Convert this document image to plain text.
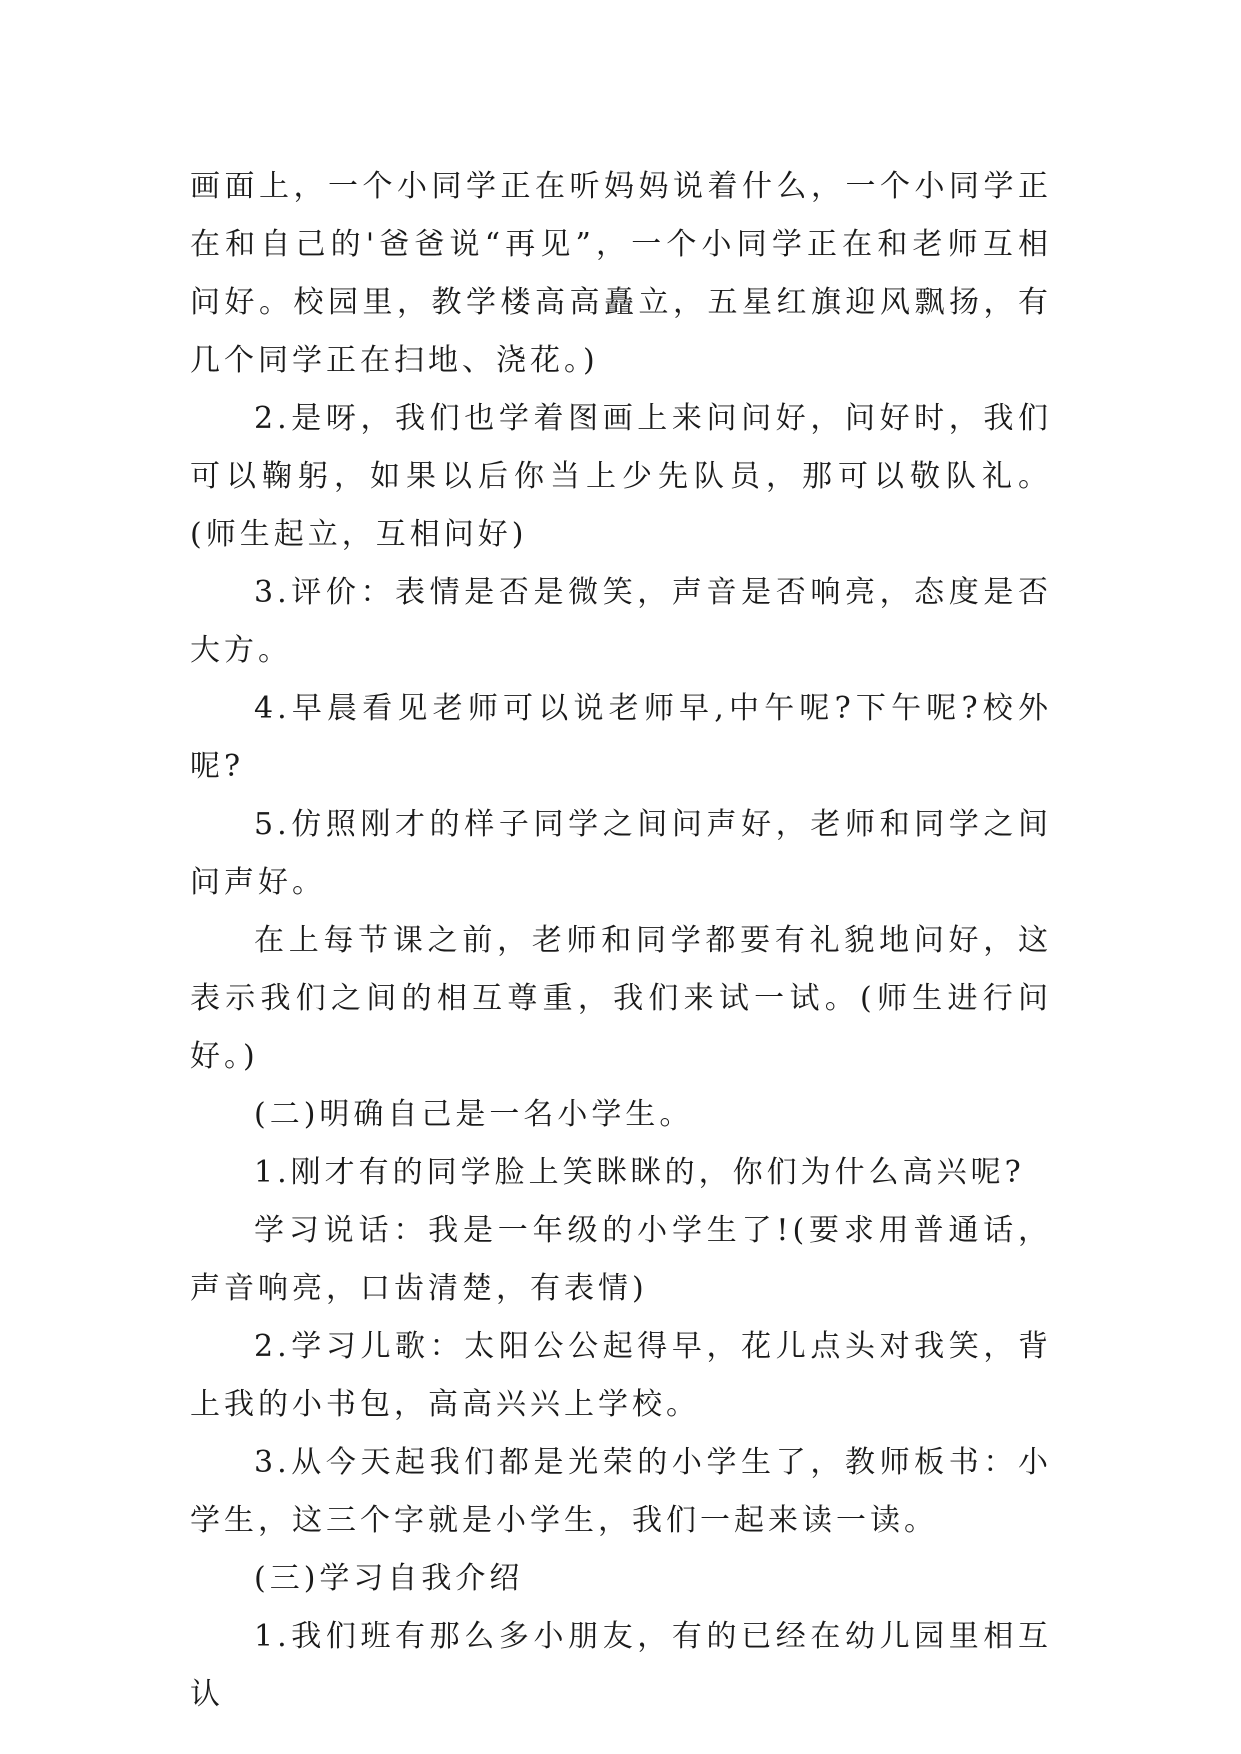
画面上，一个小同学正在听妈妈说着什么，一个小同学正在和自己的'爸爸说“再见”，一个小同学正在和老师互相问好。校园里，教学楼高高矗立，五星红旗迎风飘扬，有几个同学正在扫地、浇花。)

2.是呀，我们也学着图画上来问问好，问好时，我们可以鞠躬，如果以后你当上少先队员，那可以敬队礼。(师生起立，互相问好)

3.评价：表情是否是微笑，声音是否响亮，态度是否大方。

4.早晨看见老师可以说老师早,中午呢?下午呢?校外呢?

5.仿照刚才的样子同学之间问声好，老师和同学之间问声好。

在上每节课之前，老师和同学都要有礼貌地问好，这表示我们之间的相互尊重，我们来试一试。(师生进行问好。)

(二)明确自己是一名小学生。

1.刚才有的同学脸上笑眯眯的，你们为什么高兴呢?

学习说话：我是一年级的小学生了!(要求用普通话，声音响亮，口齿清楚，有表情)

2.学习儿歌：太阳公公起得早，花儿点头对我笑，背上我的小书包，高高兴兴上学校。

3.从今天起我们都是光荣的小学生了，教师板书：小学生，这三个字就是小学生，我们一起来读一读。

(三)学习自我介绍

1.我们班有那么多小朋友，有的已经在幼儿园里相互认
